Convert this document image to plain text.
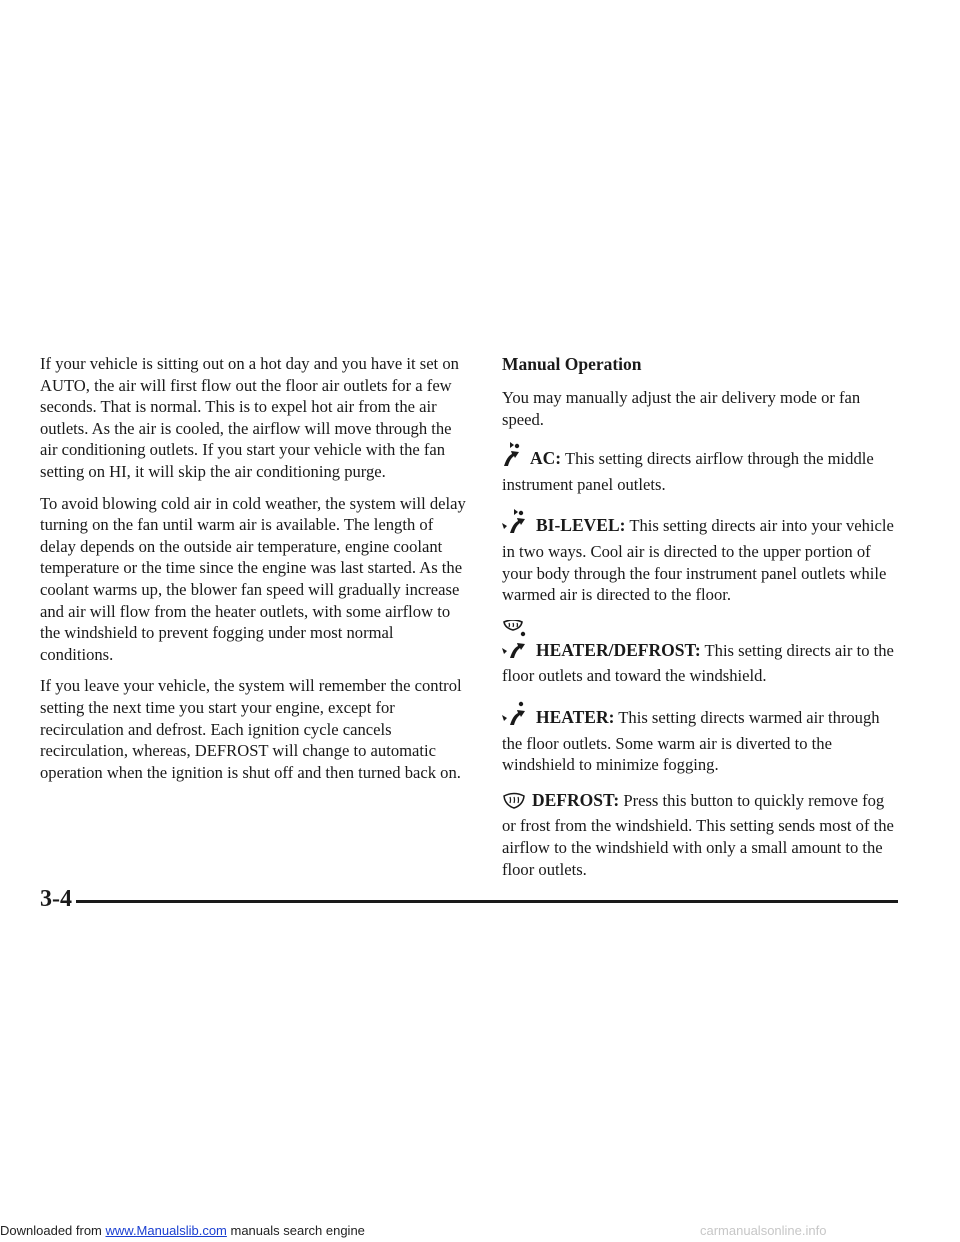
If your vehicle is sitting out on a hot day and you have it set on AUTO, the air will first flow out the floor air outlets for a few seconds. That is normal. This is to expel hot air from the air outlets. As the air is cooled, the airflow will move through the air conditioning outlets. If you start your vehicle with the fan setting on HI, it will skip the air conditioning purge.

To avoid blowing cold air in cold weather, the system will delay turning on the fan until warm air is available. The length of delay depends on the outside air temperature, engine coolant temperature or the time since the engine was last started. As the coolant warms up, the blower fan speed will gradually increase and air will flow from the heater outlets, with some airflow to the windshield to prevent fogging under most normal conditions.

If you leave your vehicle, the system will remember the control setting the next time you start your engine, except for recirculation and defrost. Each ignition cycle cancels recirculation, whereas, DEFROST will change to automatic operation when the ignition is shut off and then turned back on.

Manual Operation
You may manually adjust the air delivery mode or fan speed.
AC: This setting directs airflow through the middle instrument panel outlets.
BI-LEVEL: This setting directs air into your vehicle in two ways. Cool air is directed to the upper portion of your body through the four instrument panel outlets while warmed air is directed to the floor.
HEATER/DEFROST: This setting directs air to the floor outlets and toward the windshield.
HEATER: This setting directs warmed air through the floor outlets. Some warm air is diverted to the windshield to minimize fogging.
DEFROST: Press this button to quickly remove fog or frost from the windshield. This setting sends most of the airflow to the windshield with only a small amount to the floor outlets.
3-4
Downloaded from www.Manualslib.com manuals search engine	carmanualsonline.info
